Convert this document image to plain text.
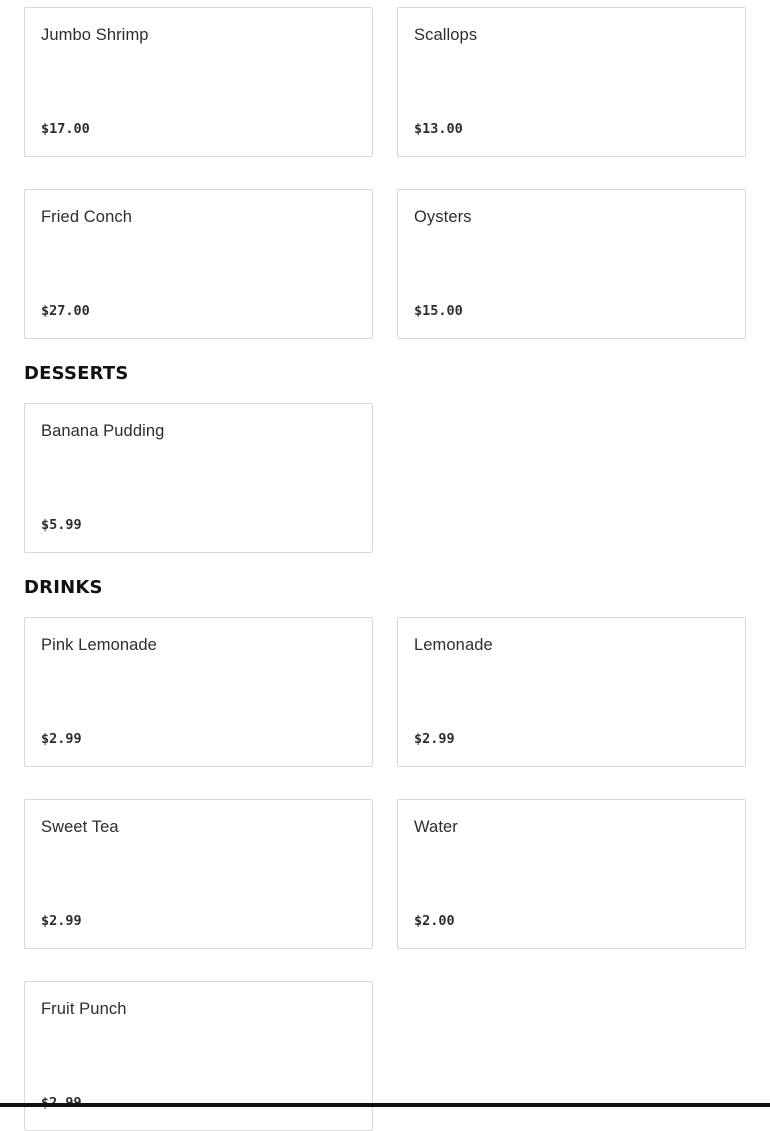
Jumbo Shrimp
$17.00
Scallops
$13.00
Fried Conch
$27.00
Oysters
$15.00
DESSERTS
Banana Pudding
$5.99
DRINKS
Pink Lemonade
$2.99
Lemonade
$2.99
Sweet Tea
$2.99
Water
$2.00
Fruit Punch
